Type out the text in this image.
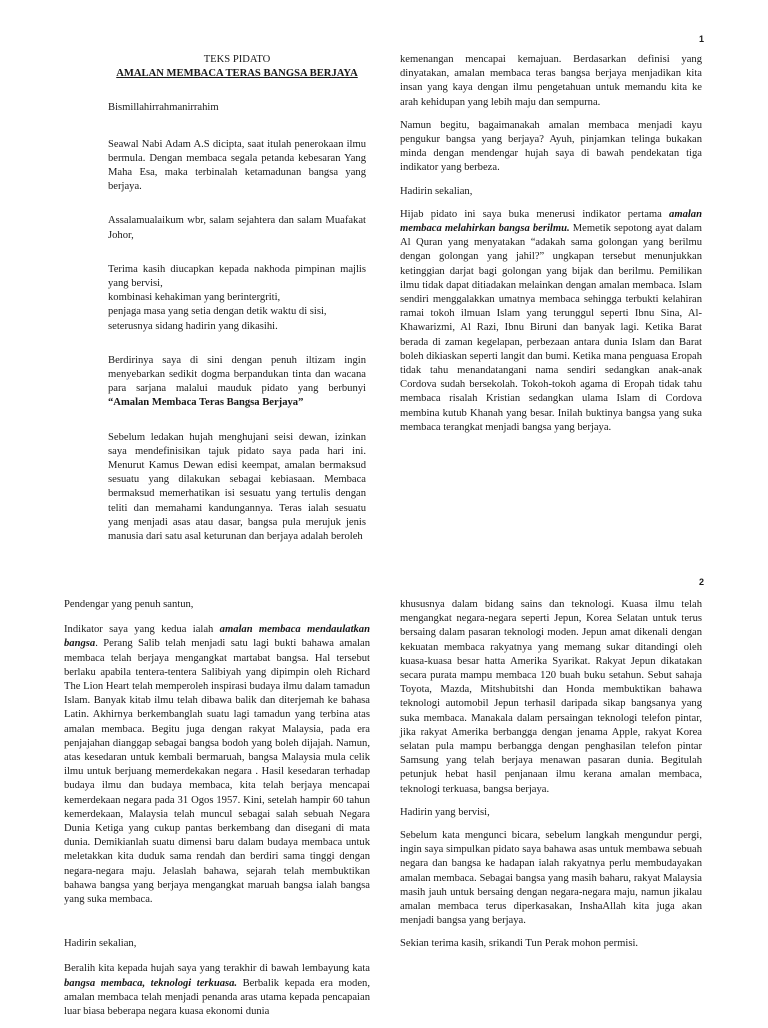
1

TEKS PIDATO

AMALAN MEMBACA TERAS BANGSA BERJAYA

Bismillahirrahmanirrahim

Seawal Nabi Adam A.S dicipta, saat itulah penerokaan ilmu bermula. Dengan membaca segala petanda kebesaran Yang Maha Esa, maka terbinalah ketamadunan bangsa yang berjaya.

Assalamualaikum wbr, salam sejahtera dan salam Muafakat Johor,

Terima kasih diucapkan kepada nakhoda pimpinan majlis yang bervisi,
kombinasi kehakiman yang berintergriti,
penjaga masa yang setia dengan detik waktu di sisi,
seterusnya sidang hadirin yang dikasihi.

Berdirinya saya di sini dengan penuh iltizam ingin menyebarkan sedikit dogma berpandukan tinta dan wacana para sarjana malalui mauduk pidato yang berbunyi “Amalan Membaca Teras Bangsa Berjaya”

Sebelum ledakan hujah menghujani seisi dewan, izinkan saya mendefinisikan tajuk pidato saya pada hari ini. Menurut Kamus Dewan edisi keempat, amalan bermaksud sesuatu yang dilakukan sebagai kebiasaan. Membaca bermaksud memerhatikan isi sesuatu yang tertulis dengan teliti dan memahami kandungannya. Teras ialah sesuatu yang menjadi asas atau dasar, bangsa pula merujuk jenis manusia dari satu asal keturunan dan berjaya adalah beroleh

kemenangan mencapai kemajuan. Berdasarkan definisi yang dinyatakan, amalan membaca teras bangsa berjaya menjadikan kita insan yang kaya dengan ilmu pengetahuan untuk memandu kita ke arah kehidupan yang lebih maju dan sempurna.

Namun begitu, bagaimanakah amalan membaca menjadi kayu pengukur bangsa yang berjaya? Ayuh, pinjamkan telinga bukakan minda dengan mendengar hujah saya di bawah pendekatan tiga indikator yang berbeza.

Hadirin sekalian,

Hijab pidato ini saya buka menerusi indikator pertama amalan membaca melahirkan bangsa berilmu. Memetik sepotong ayat dalam Al Quran yang menyatakan “adakah sama golongan yang berilmu dengan golongan yang jahil?” ungkapan tersebut menunjukkan ketinggian darjat bagi golongan yang bijak dan berilmu. Pemilikan ilmu tidak dapat ditiadakan melainkan dengan amalan membaca. Islam sendiri menggalakkan umatnya membaca sehingga terbukti kelahiran ramai tokoh ilmuan Islam yang terunggul seperti Ibnu Sina, Al-Khawarizmi, Al Razi, Ibnu Biruni dan banyak lagi. Ketika Barat berada di zaman kegelapan, perbezaan antara dunia Islam dan Barat boleh dikiaskan seperti langit dan bumi. Ketika mana penguasa Eropah tidak tahu menandatangani nama sendiri sedangkan anak-anak Cordova sudah bersekolah. Tokoh-tokoh agama di Eropah tidak tahu membaca risalah Kristian sedangkan ulama Islam di Cordova membina kutub Khanah yang besar. Inilah buktinya bangsa yang suka membaca terangkat menjadi bangsa yang berjaya.

2

Pendengar yang penuh santun,

Indikator saya yang kedua ialah amalan membaca mendaulatkan bangsa. Perang Salib telah menjadi satu lagi bukti bahawa amalan membaca telah berjaya mengangkat martabat bangsa. Hal tersebut berlaku apabila tentera-tentera Salibiyah yang dipimpin oleh Richard The Lion Heart telah memperoleh inspirasi budaya ilmu dalam tamadun Islam. Banyak kitab ilmu telah dibawa balik dan diterjemah ke bahasa Latin. Akhirnya berkembanglah suatu lagi tamadun yang terbina atas amalan membaca. Begitu juga dengan rakyat Malaysia, pada era penjajahan dianggap sebagai bangsa bodoh yang boleh dijajah. Namun, atas kesedaran untuk kembali bermaruah, bangsa Malaysia mula celik ilmu untuk berjuang memerdekakan negara . Hasil kesedaran terhadap budaya ilmu dan budaya membaca, kita telah berjaya mencapai kemerdekaan negara pada 31 Ogos 1957. Kini, setelah hampir 60 tahun kemerdekaan, Malaysia telah muncul sebagai salah sebuah Negara Dunia Ketiga yang cukup pantas berkembang dan disegani di mata dunia. Demikianlah suatu dimensi baru dalam budaya membaca untuk meletakkan kita duduk sama rendah dan berdiri sama tinggi dengan negara-negara maju. Jelaslah bahawa, sejarah telah membuktikan bahawa bangsa yang berjaya mengangkat maruah bangsa ialah bangsa yang suka membaca.

Hadirin sekalian,

Beralih kita kepada hujah saya yang terakhir di bawah lembayung kata bangsa membaca, teknologi terkuasa. Berbalik kepada era moden, amalan membaca telah menjadi penanda aras utama kepada pencapaian luar biasa beberapa negara kuasa ekonomi dunia

khususnya dalam bidang sains dan teknologi. Kuasa ilmu telah mengangkat negara-negara seperti Jepun, Korea Selatan untuk terus bersaing dalam pasaran teknologi moden. Jepun amat dikenali dengan kekuatan membaca rakyatnya yang memang sukar ditandingi oleh kuasa-kuasa besar hatta Amerika Syarikat. Rakyat Jepun dikatakan secara purata mampu membaca 120 buah buku setahun. Sebut sahaja Toyota, Mazda, Mitshubitshi dan Honda membuktikan bahawa teknologi automobil Jepun terhasil daripada sikap bangsanya yang suka membaca. Manakala dalam persaingan teknologi telefon pintar, jika rakyat Amerika berbangga dengan jenama Apple, rakyat Korea selatan pula mampu berbangga dengan penghasilan telefon pintar Samsung yang telah berjaya menawan pasaran dunia. Begitulah petunjuk hebat hasil penjanaan ilmu kerana amalan membaca, teknologi terkuasa, bangsa berjaya.

Hadirin yang bervisi,

Sebelum kata mengunci bicara, sebelum langkah mengundur pergi, ingin saya simpulkan pidato saya bahawa asas untuk membawa sebuah negara dan bangsa ke hadapan ialah rakyatnya perlu membudayakan amalan membaca. Sebagai bangsa yang masih baharu, rakyat Malaysia masih jauh untuk bersaing dengan negara-negara maju, namun jikalau amalan membaca terus diperkasakan, InshaAllah kita juga akan menjadi bangsa yang berjaya.

Sekian terima kasih, srikandi Tun Perak mohon permisi.
